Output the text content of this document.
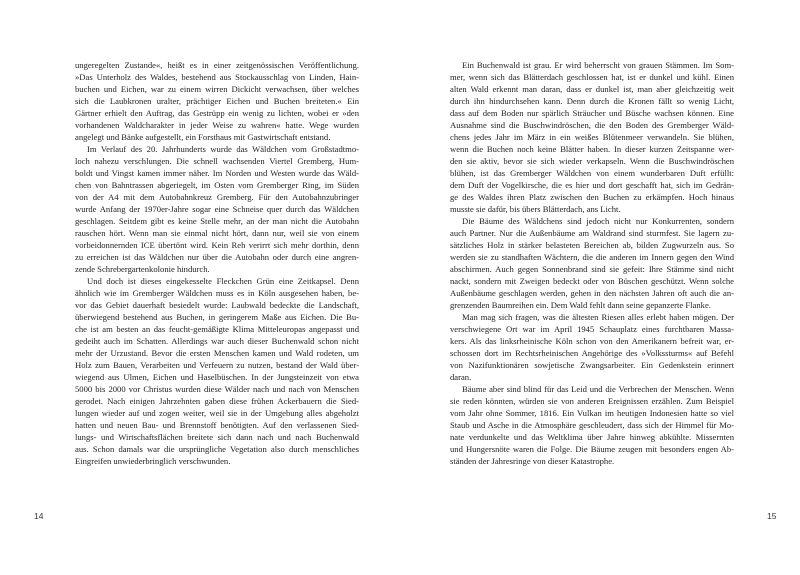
ungeregelten Zustande«, heißt es in einer zeitgenössischen Veröffentlichung.
»Das Unterholz des Waldes, bestehend aus Stockausschlag von Linden, Hain-
buchen und Eichen, war zu einem wirren Dickicht verwachsen, über welches
sich die Laubkronen uralter, prächtiger Eichen und Buchen breiteten.« Ein
Gärtner erhielt den Auftrag, das Gestrüpp ein wenig zu lichten, wobei er »den
vorhandenen Waldcharakter in jeder Weise zu wahren« hatte. Wege wurden
angelegt und Bänke aufgestellt, ein Forsthaus mit Gastwirtschaft entstand.
Im Verlauf des 20. Jahrhunderts wurde das Wäldchen vom Großstadtmo-
loch nahezu verschlungen. Die schnell wachsenden Viertel Gremberg, Hum-
boldt und Vingst kamen immer näher. Im Norden und Westen wurde das Wäld-
chen von Bahntrassen abgeriegelt, im Osten vom Gremberger Ring, im Süden
von der A4 mit dem Autobahnkreuz Gremberg. Für den Autobahnzubringer
wurde Anfang der 1970er-Jahre sogar eine Schneise quer durch das Wäldchen
geschlagen. Seitdem gibt es keine Stelle mehr, an der man nicht die Autobahn
rauschen hört. Wenn man sie einmal nicht hört, dann nur, weil sie von einem
vorbeidonnernden ICE übertönt wird. Kein Reh verirrt sich mehr dorthin, denn
zu erreichen ist das Wäldchen nur über die Autobahn oder durch eine angren-
zende Schrebergartenkolonie hindurch.
Und doch ist dieses eingekesselte Fleckchen Grün eine Zeitkapsel. Denn
ähnlich wie im Gremberger Wäldchen muss es in Köln ausgesehen haben, be-
vor das Gebiet dauerhaft besiedelt wurde: Laubwald bedeckte die Landschaft,
überwiegend bestehend aus Buchen, in geringerem Maße aus Eichen. Die Bu-
che ist am besten an das feucht-gemäßigte Klima Mitteleuropas angepasst und
gedeiht auch im Schatten. Allerdings war auch dieser Buchenwald schon nicht
mehr der Urzustand. Bevor die ersten Menschen kamen und Wald rodeten, um
Holz zum Bauen, Verarbeiten und Verfeuern zu nutzen, bestand der Wald über-
wiegend aus Ulmen, Eichen und Haselbüschen. In der Jungsteinzeit von etwa
5000 bis 2000 vor Christus wurden diese Wälder nach und nach von Menschen
gerodet. Nach einigen Jahrzehnten gaben diese frühen Ackerbauern die Sied-
lungen wieder auf und zogen weiter, weil sie in der Umgebung alles abgeholzt
hatten und neuen Bau- und Brennstoff benötigten. Auf den verlassenen Sied-
lungs- und Wirtschaftsflächen breitete sich dann nach und nach Buchenwald
aus. Schon damals war die ursprüngliche Vegetation also durch menschliches
Eingreifen unwiederbringlich verschwunden.
Ein Buchenwald ist grau. Er wird beherrscht von grauen Stämmen. Im Som-
mer, wenn sich das Blätterdach geschlossen hat, ist er dunkel und kühl. Einen
alten Wald erkennt man daran, dass er dunkel ist, man aber gleichzeitig weit
durch ihn hindurchsehen kann. Denn durch die Kronen fällt so wenig Licht,
dass auf dem Boden nur spärlich Sträucher und Büsche wachsen können. Eine
Ausnahme sind die Buschwindröschen, die den Boden des Gremberger Wäld-
chens jedes Jahr im März in ein weißes Blütenmeer verwandeln. Sie blühen,
wenn die Buchen noch keine Blätter haben. In dieser kurzen Zeitspanne wer-
den sie aktiv, bevor sie sich wieder verkapseln. Wenn die Buschwindröschen
blühen, ist das Gremberger Wäldchen von einem wunderbaren Duft erfüllt:
dem Duft der Vogelkirsche, die es hier und dort geschafft hat, sich im Gedrän-
ge des Waldes ihren Platz zwischen den Buchen zu erkämpfen. Hoch hinaus
musste sie dafür, bis übers Blätterdach, ans Licht.
Die Bäume des Wäldchens sind jedoch nicht nur Konkurrenten, sondern
auch Partner. Nur die Außenbäume am Waldrand sind sturmfest. Sie lagern zu-
sätzliches Holz in stärker belasteten Bereichen ab, bilden Zugwurzeln aus. So
werden sie zu standhaften Wächtern, die die anderen im Innern gegen den Wind
abschirmen. Auch gegen Sonnenbrand sind sie gefeit: Ihre Stämme sind nicht
nackt, sondern mit Zweigen bedeckt oder von Büschen geschützt. Wenn solche
Außenbäume geschlagen werden, gehen in den nächsten Jahren oft auch die an-
grenzenden Baumreihen ein. Dem Wald fehlt dann seine gepanzerte Flanke.
Man mag sich fragen, was die ältesten Riesen alles erlebt haben mögen. Der
verschwiegene Ort war im April 1945 Schauplatz eines furchtbaren Massa-
kers. Als das linksrheinische Köln schon von den Amerikanern befreit war, er-
schossen dort im Rechtsrheinischen Angehörige des »Volkssturms« auf Befehl
von Nazifunktionären sowjetische Zwangsarbeiter. Ein Gedenkstein erinnert
daran.
Bäume aber sind blind für das Leid und die Verbrechen der Menschen. Wenn
sie reden könnten, würden sie von anderen Ereignissen erzählen. Zum Beispiel
vom Jahr ohne Sommer, 1816. Ein Vulkan im heutigen Indonesien hatte so viel
Staub und Asche in die Atmosphäre geschleudert, dass sich der Himmel für Mo-
nate verdunkelte und das Weltklima über Jahre hinweg abkühlte. Missernten
und Hungersnöte waren die Folge. Die Bäume zeugen mit besonders engen Ab-
ständen der Jahresringe von dieser Katastrophe.
14	15
